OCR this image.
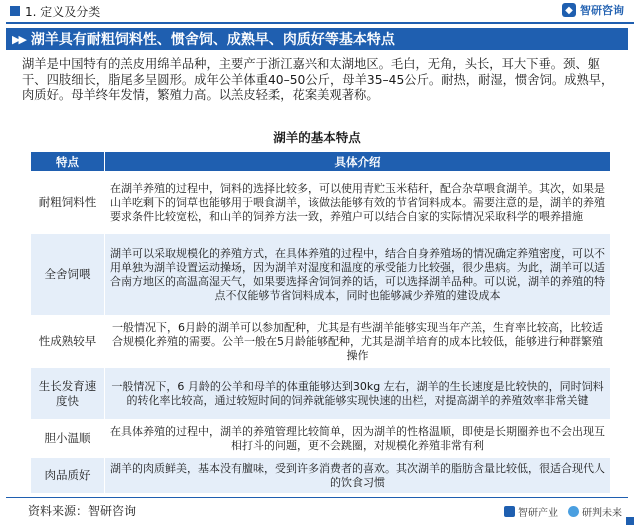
1. 定义及分类	◆ 智研咨询
▶▶ 湖羊具有耐粗饲料性、惯舍饲、成熟早、肉质好等基本特点

湖羊是中国特有的羔皮用绵羊品种，主要产于浙江嘉兴和太湖地区。毛白，无角，头长，耳大下垂。颈、躯干、四肢细长，脂尾多呈圆形。成年公羊体重40–50公斤，母羊35–45公斤。耐热，耐湿，惯舍饲。成熟早，肉质好。母羊终年发情，繁殖力高。以羔皮轻柔，花案美观著称。

湖羊的基本特点
特点	具体介绍
耐粗饲料性	在湖羊养殖的过程中，饲料的选择比较多，可以使用青贮玉米秸秆，配合杂草喂食湖羊。其次，如果是山羊吃剩下的饲草也能够用于喂食湖羊，该做法能够有效的节省饲料成本。需要注意的是，湖羊的养殖要求条件比较宽松，和山羊的饲养方法一致，养殖户可以结合自家的实际情况采取科学的喂养措施
全舍饲喂	湖羊可以采取规模化的养殖方式，在具体养殖的过程中，结合自身养殖场的情况确定养殖密度，可以不用单独为湖羊设置运动操场，因为湖羊对湿度和温度的承受能力比较强，很少患病。为此，湖羊可以适合南方地区的高温高湿天气，如果要选择舍饲饲养的话，可以选择湖羊品种。可以说，湖羊的养殖的特点不仅能够节省饲料成本，同时也能够减少养殖的建设成本
性成熟较早	一般情况下，6月龄的湖羊可以参加配种，尤其是有些湖羊能够实现当年产羔，生育率比较高，比较适合规模化养殖的需要。公羊一般在5月龄能够配种，尤其是湖羊培育的成本比较低，能够进行种群繁殖操作
生长发育速度快	一般情况下，6 月龄的公羊和母羊的体重能够达到30kg 左右，湖羊的生长速度是比较快的，同时饲料的转化率比较高，通过较短时间的饲养就能够实现快速的出栏，对提高湖羊的养殖效率非常关键
胆小温顺	在具体养殖的过程中，湖羊的养殖管理比较简单，因为湖羊的性格温顺，即使是长期圈养也不会出现互相打斗的问题，更不会跳圈，对规模化养殖非常有利
肉品质好	湖羊的肉质鲜美，基本没有膻味，受到许多消费者的喜欢。其次湖羊的脂肪含量比较低，很适合现代人的饮食习惯
资料来源：智研咨询	智研产业 研判未来
